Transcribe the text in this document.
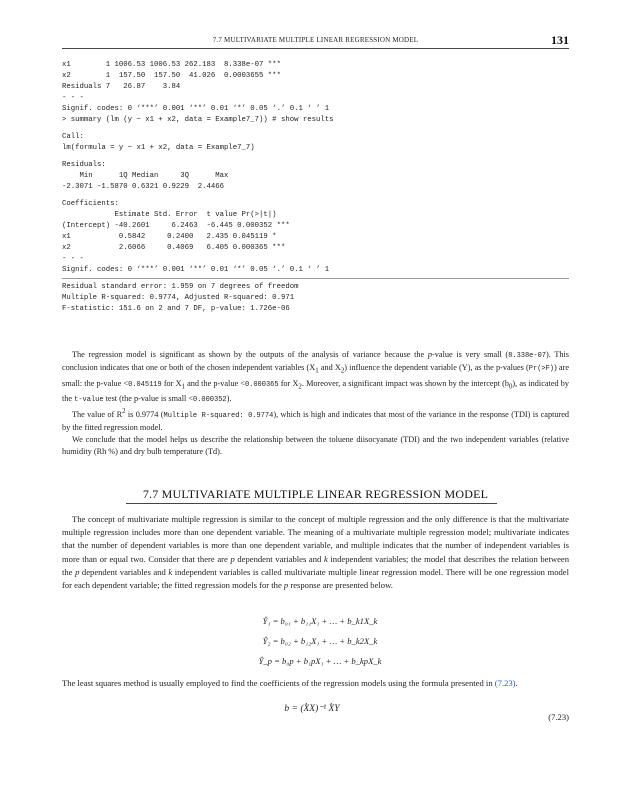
7.7 MULTIVARIATE MULTIPLE LINEAR REGRESSION MODEL	131
x1        1 1006.53 1006.53 262.183  8.338e-07 ***
x2        1  157.50  157.50  41.026  0.0003655 ***
Residuals 7   26.87    3.84
- - -
Signif. codes: 0 ‘***’ 0.001 ‘**’ 0.01 ‘*’ 0.05 ‘.’ 0.1 ‘ ’ 1
> summary (lm (y ~ x1 + x2, data = Example7_7)) # show results
Call:
lm(formula = y ~ x1 + x2, data = Example7_7)
Residuals:
Min      1Q Median     3Q      Max
-2.3071 -1.5870 0.6321 0.9229  2.4466
Coefficients:
Estimate Std. Error  t value Pr(>|t|)
(Intercept) -40.2601     6.2463  -6.445 0.000352 ***
x1           0.5842     0.2400   2.435 0.045119 *
x2           2.6066     0.4069   6.405 0.000365 ***
- - -
Signif. codes: 0 ‘***’ 0.001 ‘**’ 0.01 ‘*’ 0.05 ‘.’ 0.1 ‘ ’ 1
Residual standard error: 1.959 on 7 degrees of freedom
Multiple R-squared: 0.9774, Adjusted R-squared: 0.971
F-statistic: 151.6 on 2 and 7 DF, p-value: 1.726e-06

The regression model is significant as shown by the outputs of the analysis of variance because the p-value is very small (8.338e-07). This conclusion indicates that one or both of the chosen independent variables ($X_1$ and $X_2$) influence the dependent variable (Y), as the p-values (Pr(>F)) are small: the p-value <0.045119 for $X_1$ and the p-value <0.000365 for $X_2$. Moreover, a significant impact was shown by the intercept $(b_0)$, as indicated by the t-value test (the p-value is small <0.000352).

The value of $R^2$ is 0.9774 (Multiple R-squared: 0.9774), which is high and indicates that most of the variance in the response (TDI) is captured by the fitted regression model.

We conclude that the model helps us describe the relationship between the toluene diisocyanate (TDI) and the two independent variables (relative humidity (Rh %) and dry bulb temperature (Td).

7.7 MULTIVARIATE MULTIPLE LINEAR REGRESSION MODEL

The concept of multivariate multiple regression is similar to the concept of multiple regression and the only difference is that the multivariate multiple regression includes more than one dependent variable. The meaning of a multivariate multiple regression model; multivariate indicates that the number of dependent variables is more than one dependent variable, and multiple indicates that the number of independent variables is more than or equal two. Consider that there are p dependent variables and k independent variables; the model that describes the relation between the p dependent variables and k independent variables is called multivariate multiple linear regression model. There will be one regression model for each dependent variable; the fitted regression models for the p response are presented below.

Ŷ₁ = b₀₁ + b₁₁X₁ + … + b_k1X_k
Ŷ₂ = b₀₂ + b₁₂X₁ + … + b_k2X_k
Ŷ_p = b₀p + b₁pX₁ + … + b_kpX_k

The least squares method is usually employed to find the coefficients of the regression models using the formula presented in (7.23).

b = (X̀X)⁻¹ X̀Y
(7.23)
